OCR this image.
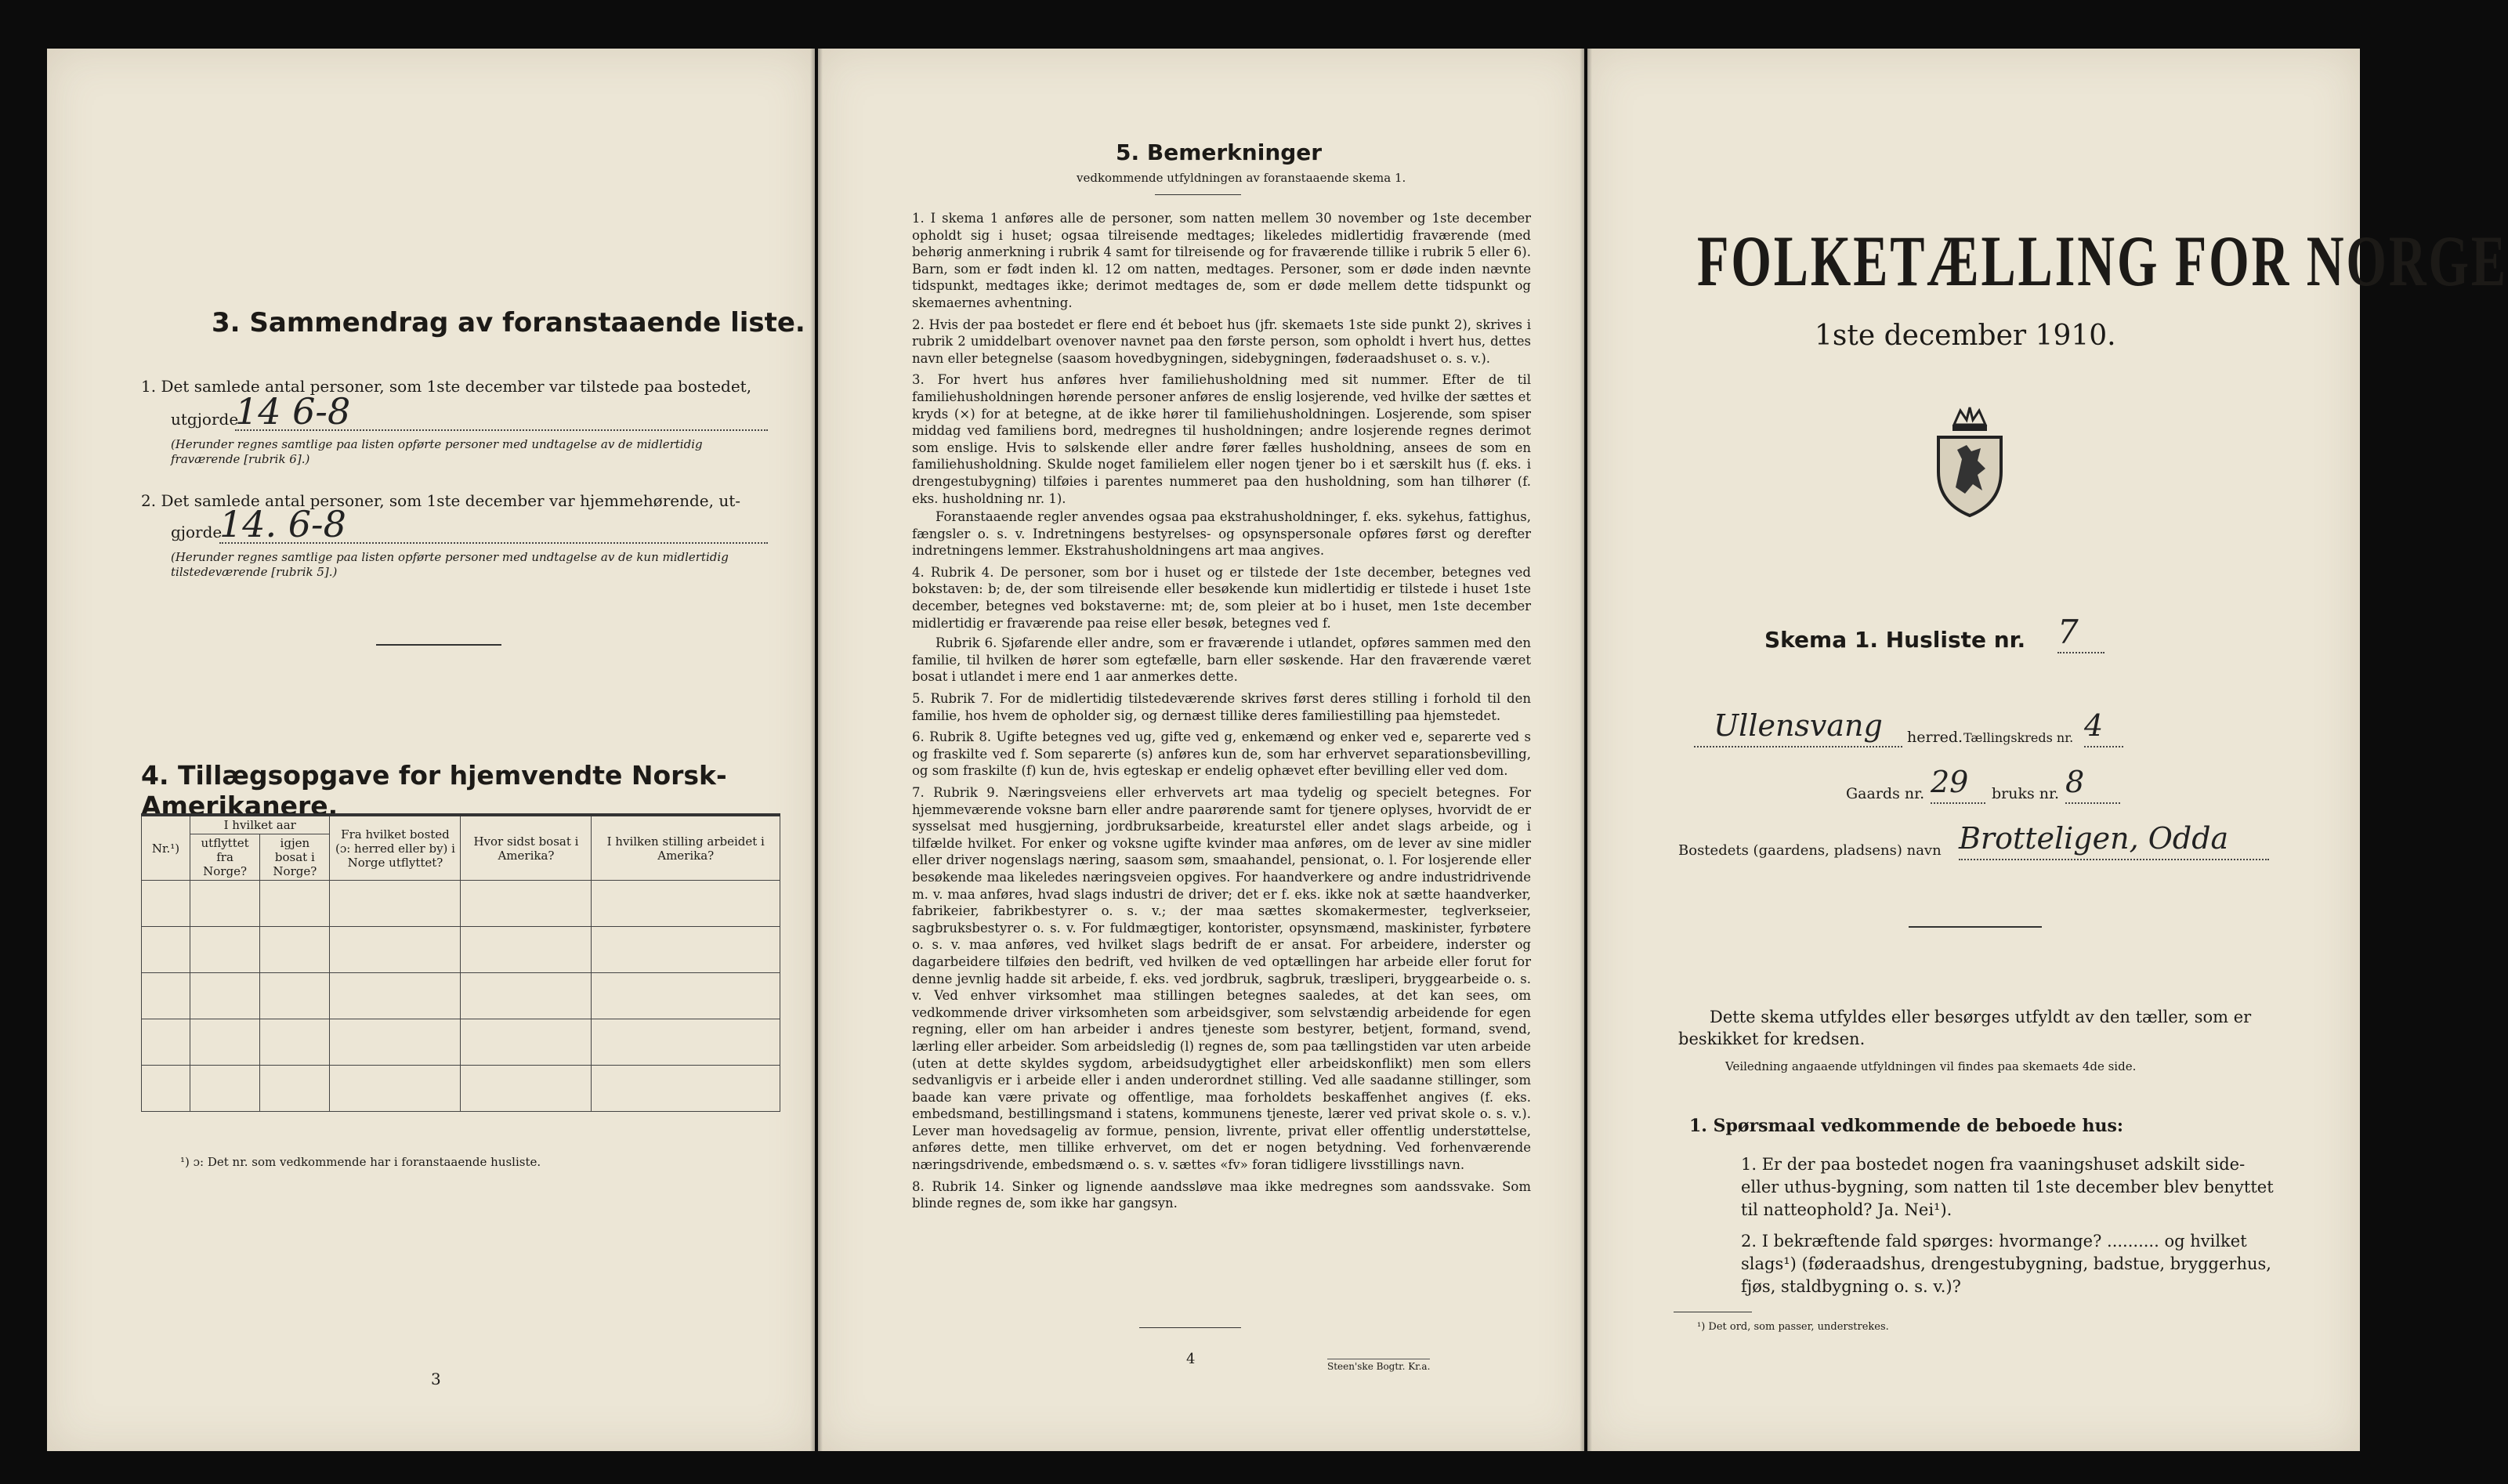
3. Sammendrag av foranstaaende liste.
1. Det samlede antal personer, som 1ste december var tilstede paa bostedet,
utgjorde
14 6-8
(Herunder regnes samtlige paa listen opførte personer med undtagelse av de midlertidig fraværende [rubrik 6].)
2. Det samlede antal personer, som 1ste december var hjemmehørende, ut-
gjorde
14. 6-8
(Herunder regnes samtlige paa listen opførte personer med undtagelse av de kun midlertidig tilstedeværende [rubrik 5].)
4. Tillægsopgave for hjemvendte Norsk-Amerikanere.
Nr.¹)	I hvilket aar		Fra hvilket bosted (ɔ: herred eller by) i Norge utflyttet?	Hvor sidst bosat i Amerika?	I hvilken stilling arbeidet i Amerika?
	utflyttet fra Norge?	igjen bosat i Norge?			

¹) ɔ: Det nr. som vedkommende har i foranstaaende husliste.
3
5. Bemerkninger
vedkommende utfyldningen av foranstaaende skema 1.

1. I skema 1 anføres alle de personer, som natten mellem 30 november og 1ste december opholdt sig i huset; ogsaa tilreisende medtages; likeledes midlertidig fraværende (med behørig anmerkning i rubrik 4 samt for tilreisende og for fraværende tillike i rubrik 5 eller 6). Barn, som er født inden kl. 12 om natten, medtages. Personer, som er døde inden nævnte tidspunkt, medtages ikke; derimot medtages de, som er døde mellem dette tidspunkt og skemaernes avhentning.

2. Hvis der paa bostedet er flere end ét beboet hus (jfr. skemaets 1ste side punkt 2), skrives i rubrik 2 umiddelbart ovenover navnet paa den første person, som opholdt i hvert hus, dettes navn eller betegnelse (saasom hovedbygningen, sidebygningen, føderaadshuset o. s. v.).

3. For hvert hus anføres hver familiehusholdning med sit nummer. Efter de til familiehusholdningen hørende personer anføres de enslig losjerende, ved hvilke der sættes et kryds (×) for at betegne, at de ikke hører til familiehusholdningen. Losjerende, som spiser middag ved familiens bord, medregnes til husholdningen; andre losjerende regnes derimot som enslige. Hvis to sølskende eller andre fører fælles husholdning, ansees de som en familiehusholdning. Skulde noget familielem eller nogen tjener bo i et særskilt hus (f. eks. i drengestubygning) tilføies i parentes nummeret paa den husholdning, som han tilhører (f. eks. husholdning nr. 1).

Foranstaaende regler anvendes ogsaa paa ekstrahusholdninger, f. eks. sykehus, fattighus, fængsler o. s. v. Indretningens bestyrelses- og opsynspersonale opføres først og derefter indretningens lemmer. Ekstrahusholdningens art maa angives.

4. Rubrik 4. De personer, som bor i huset og er tilstede der 1ste december, betegnes ved bokstaven: b; de, der som tilreisende eller besøkende kun midlertidig er tilstede i huset 1ste december, betegnes ved bokstaverne: mt; de, som pleier at bo i huset, men 1ste december midlertidig er fraværende paa reise eller besøk, betegnes ved f.

Rubrik 6. Sjøfarende eller andre, som er fraværende i utlandet, opføres sammen med den familie, til hvilken de hører som egtefælle, barn eller søskende. Har den fraværende været bosat i utlandet i mere end 1 aar anmerkes dette.

5. Rubrik 7. For de midlertidig tilstedeværende skrives først deres stilling i forhold til den familie, hos hvem de opholder sig, og dernæst tillike deres familiestilling paa hjemstedet.

6. Rubrik 8. Ugifte betegnes ved ug, gifte ved g, enkemænd og enker ved e, separerte ved s og fraskilte ved f. Som separerte (s) anføres kun de, som har erhvervet separationsbevilling, og som fraskilte (f) kun de, hvis egteskap er endelig ophævet efter bevilling eller ved dom.

7. Rubrik 9. Næringsveiens eller erhvervets art maa tydelig og specielt betegnes. For hjemmeværende voksne barn eller andre paarørende samt for tjenere oplyses, hvorvidt de er sysselsat med husgjerning, jordbruksarbeide, kreaturstel eller andet slags arbeide, og i tilfælde hvilket. For enker og voksne ugifte kvinder maa anføres, om de lever av sine midler eller driver nogenslags næring, saasom søm, smaahandel, pensionat, o. l. For losjerende eller besøkende maa likeledes næringsveien opgives. For haandverkere og andre industridrivende m. v. maa anføres, hvad slags industri de driver; det er f. eks. ikke nok at sætte haandverker, fabrikeier, fabrikbestyrer o. s. v.; der maa sættes skomakermester, teglverkseier, sagbruksbestyrer o. s. v. For fuldmægtiger, kontorister, opsynsmænd, maskinister, fyrbøtere o. s. v. maa anføres, ved hvilket slags bedrift de er ansat. For arbeidere, inderster og dagarbeidere tilføies den bedrift, ved hvilken de ved optællingen har arbeide eller forut for denne jevnlig hadde sit arbeide, f. eks. ved jordbruk, sagbruk, træsliperi, bryggearbeide o. s. v. Ved enhver virksomhet maa stillingen betegnes saaledes, at det kan sees, om vedkommende driver virksomheten som arbeidsgiver, som selvstændig arbeidende for egen regning, eller om han arbeider i andres tjeneste som bestyrer, betjent, formand, svend, lærling eller arbeider. Som arbeidsledig (l) regnes de, som paa tællingstiden var uten arbeide (uten at dette skyldes sygdom, arbeidsudygtighet eller arbeidskonflikt) men som ellers sedvanligvis er i arbeide eller i anden underordnet stilling. Ved alle saadanne stillinger, som baade kan være private og offentlige, maa forholdets beskaffenhet angives (f. eks. embedsmand, bestillingsmand i statens, kommunens tjeneste, lærer ved privat skole o. s. v.). Lever man hovedsagelig av formue, pension, livrente, privat eller offentlig understøttelse, anføres dette, men tillike erhvervet, om det er nogen betydning. Ved forhenværende næringsdrivende, embedsmænd o. s. v. sættes «fv» foran tidligere livsstillings navn.

8. Rubrik 14. Sinker og lignende aandssløve maa ikke medregnes som aandssvake. Som blinde regnes de, som ikke har gangsyn.

4	Steen'ske Bogtr. Kr.a.
FOLKETÆLLING FOR NORGE
1ste december 1910.
Skema 1. Husliste nr. 7
Ullensvang	herred. Tællingskreds nr. 4
Gaards nr. 29	bruks nr. 8
Bostedets (gaardens, pladsens) navn Brotteligen, Odda
Dette skema utfyldes eller besørges utfyldt av den tæller, som er beskikket for kredsen.
Veiledning angaaende utfyldningen vil findes paa skemaets 4de side.
1. Spørsmaal vedkommende de beboede hus:
1. Er der paa bostedet nogen fra vaaningshuset adskilt side- eller uthus-bygning, som natten til 1ste december blev benyttet til natteophold? Ja. Nei¹).
2. I bekræftende fald spørges: hvormange? .......... og hvilket slags¹) (føderaadshus, drengestubygning, badstue, bryggerhus, fjøs, staldbygning o. s. v.)?
¹) Det ord, som passer, understrekes.
